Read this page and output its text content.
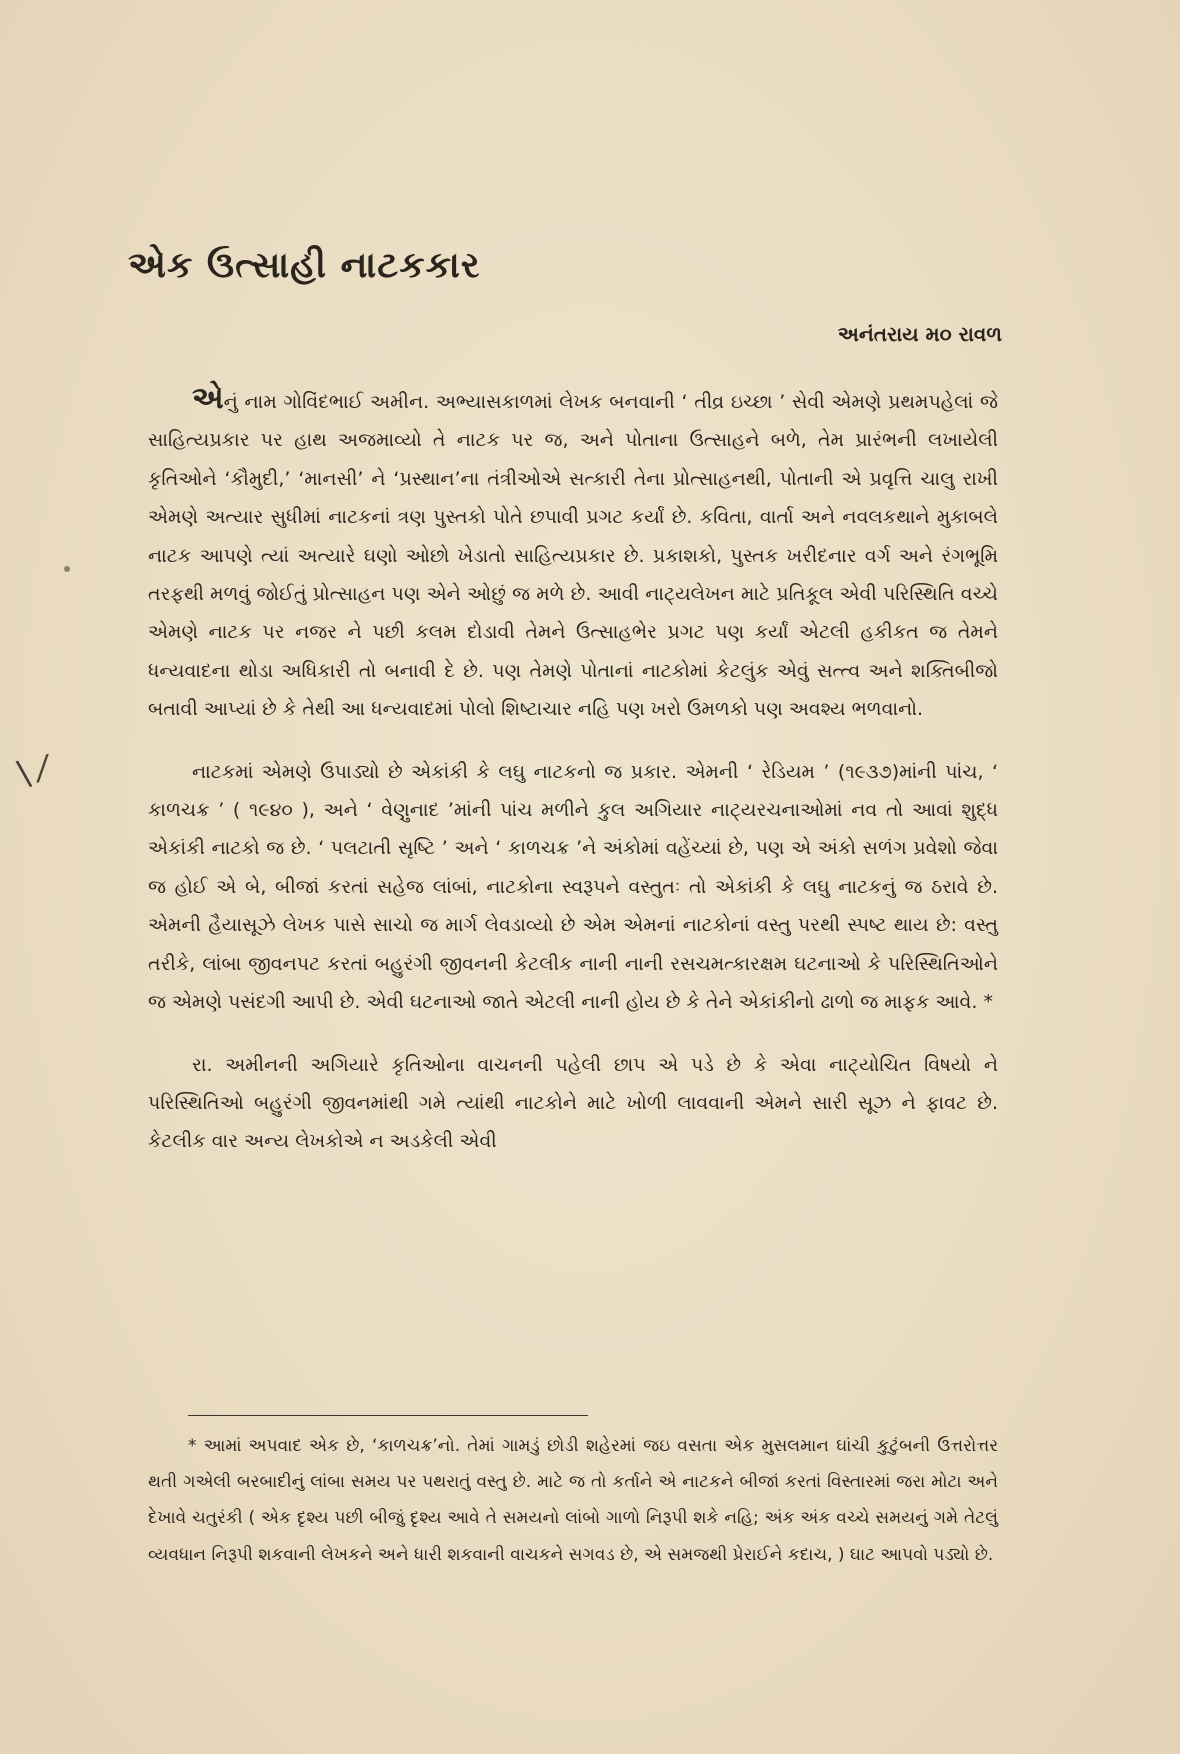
\ ⁄
એક ઉત્સાહી નાટકકાર
અનંતરાય મ૦ રાવળ

એનું નામ ગોવિંદભાઈ અમીન. અભ્યાસકાળમાં લેખક બનવાની ‘ તીવ્ર ઇચ્છા ’ સેવી એમણે પ્રથમપહેલાં જે સાહિત્યપ્રકાર પર હાથ અજમાવ્યો તે નાટક પર જ, અને પોતાના ઉત્સાહને બળે, તેમ પ્રારંભની લખાયેલી કૃતિઓને ‘કૌમુદી,’ ‘માનસી’ ને ‘પ્રસ્થાન’ના તંત્રીઓએ સત્કારી તેના પ્રોત્સાહનથી, પોતાની એ પ્રવૃત્તિ ચાલુ રાખી એમણે અત્યાર સુધીમાં નાટકનાં ત્રણ પુસ્તકો પોતે છપાવી પ્રગટ કર્યાં છે. કવિતા, વાર્તા અને નવલકથાને મુકાબલે નાટક આપણે ત્યાં અત્યારે ઘણો ઓછો ખેડાતો સાહિત્યપ્રકાર છે. પ્રકાશકો, પુસ્તક ખરીદનાર વર્ગ અને રંગભૂમિ તરફથી મળવું જોઈતું પ્રોત્સાહન પણ એને ઓછું જ મળે છે. આવી નાટ્યલેખન માટે પ્રતિકૂલ એવી પરિસ્થિતિ વચ્ચે એમણે નાટક પર નજર ને પછી કલમ દોડાવી તેમને ઉત્સાહભેર પ્રગટ પણ કર્યાં એટલી હકીકત જ તેમને ધન્યવાદના થોડા અધિકારી તો બનાવી દે છે. પણ તેમણે પોતાનાં નાટકોમાં કેટલુંક એવું સત્ત્વ અને શક્તિબીજો બતાવી આપ્યાં છે કે તેથી આ ધન્યવાદમાં પોલો શિષ્ટાચાર નહિ પણ ખરો ઉમળકો પણ અવશ્ય ભળવાનો.

નાટકમાં એમણે ઉપાડ્યો છે એકાંકી કે લઘુ નાટકનો જ પ્રકાર. એમની ‘ રેડિયમ ’ (૧૯૩૭)માંની પાંચ, ‘ કાળચક્ર ’ ( ૧૯૪૦ ), અને ‘ વેણુનાદ ’માંની પાંચ મળીને કુલ અગિયાર નાટ્યરચનાઓમાં નવ તો આવાં શુદ્ધ એકાંકી નાટકો જ છે. ‘ પલટાતી સૃષ્ટિ ’ અને ‘ કાળચક્ર ’ને અંકોમાં વહેંચ્યાં છે, પણ એ અંકો સળંગ પ્રવેશો જેવા જ હોઈ એ બે, બીજાં કરતાં સહેજ લાંબાં, નાટકોના સ્વરૂપને વસ્તુતઃ તો એકાંકી કે લઘુ નાટકનું જ ઠરાવે છે. એમની હૈયાસૂઝે લેખક પાસે સાચો જ માર્ગ લેવડાવ્યો છે એમ એમનાં નાટકોનાં વસ્તુ પરથી સ્પષ્ટ થાય છે: વસ્તુ તરીકે, લાંબા જીવનપટ કરતાં બહુરંગી જીવનની કેટલીક નાની નાની રસચમત્કારક્ષમ ઘટનાઓ કે પરિસ્થિતિઓને જ એમણે પસંદગી આપી છે. એવી ઘટનાઓ જાતે એટલી નાની હોય છે કે તેને એકાંકીનો ઢાળો જ માફક આવે. *

રા. અમીનની અગિયારે કૃતિઓના વાચનની પહેલી છાપ એ પડે છે કે એવા નાટ્યોચિત વિષયો ને પરિસ્થિતિઓ બહુરંગી જીવનમાંથી ગમે ત્યાંથી નાટકોને માટે ખોળી લાવવાની એમને સારી સૂઝ ને ફાવટ છે. કેટલીક વાર અન્ય લેખકોએ ન અડકેલી એવી

* આમાં અપવાદ એક છે, ‘કાળચક્ર’નો. તેમાં ગામડું છોડી શહેરમાં જઇ વસતા એક મુસલમાન ઘાંચી કુટુંબની ઉત્તરોત્તર થતી ગએલી બરબાદીનું લાંબા સમય પર પથરાતું વસ્તુ છે. માટે જ તો કર્તાને એ નાટકને બીજાં કરતાં વિસ્તારમાં જરા મોટા અને દેખાવે ચતુરંકી ( એક દૃશ્ય પછી બીજું દૃશ્ય આવે તે સમયનો લાંબો ગાળો નિરૂપી શકે નહિ; અંક અંક વચ્ચે સમયનું ગમે તેટલું વ્યવધાન નિરૂપી શકવાની લેખકને અને ધારી શકવાની વાચકને સગવડ છે, એ સમજથી પ્રેરાઈને કદાચ, ) ઘાટ આપવો પડ્યો છે.
